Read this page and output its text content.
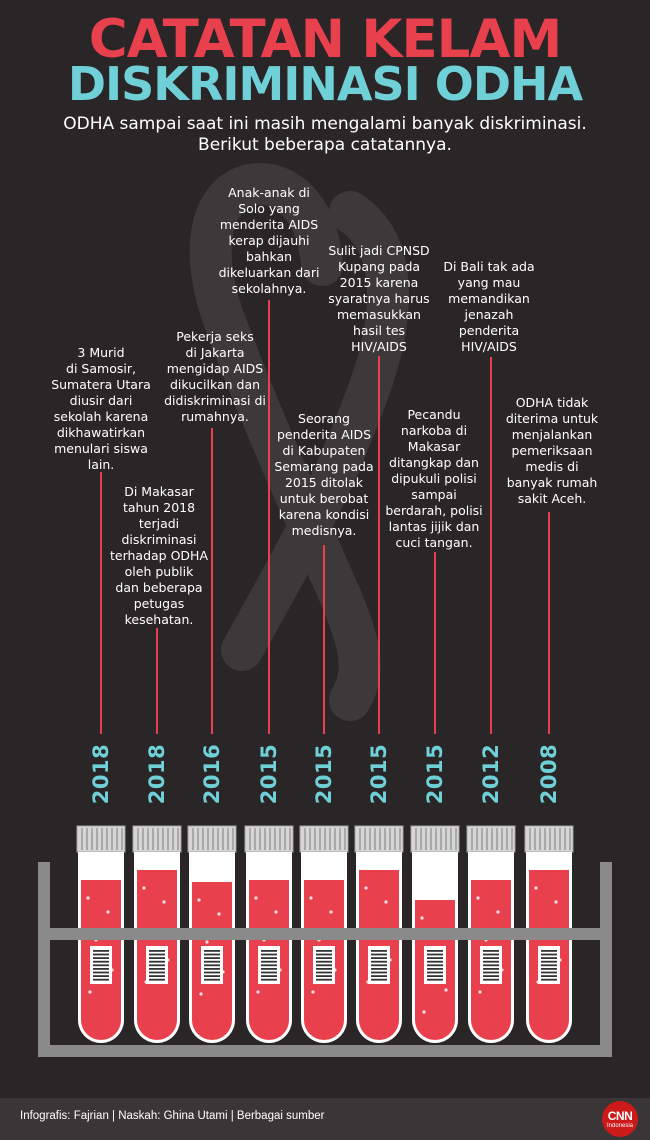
CATATAN KELAM
DISKRIMINASI ODHA
ODHA sampai saat ini masih mengalami banyak diskriminasi.
Berikut beberapa catatannya.
3 Murid
di Samosir,
Sumatera Utara
diusir dari
sekolah karena
dikhawatirkan
menulari siswa
lain.
Di Makasar
tahun 2018
terjadi
diskriminasi
terhadap ODHA
oleh publik
dan beberapa
petugas
kesehatan.
Pekerja seks
di Jakarta
mengidap AIDS
dikucilkan dan
didiskriminasi di
rumahnya.
Anak-anak di
Solo yang
menderita AIDS
kerap dijauhi
bahkan
dikeluarkan dari
sekolahnya.
Seorang
penderita AIDS
di Kabupaten
Semarang pada
2015 ditolak
untuk berobat
karena kondisi
medisnya.
Sulit jadi CPNSD
Kupang pada
2015 karena
syaratnya harus
memasukkan
hasil tes
HIV/AIDS
Pecandu
narkoba di
Makasar
ditangkap dan
dipukuli polisi
sampai
berdarah, polisi
lantas jijik dan
cuci tangan.
Di Bali tak ada
yang mau
memandikan
jenazah
penderita
HIV/AIDS
ODHA tidak
diterima untuk
menjalankan
pemeriksaan
medis di
banyak rumah
sakit Aceh.
2018 2018 2016 2015 2015 2015 2015 2012 2008
Infografis: Fajrian | Naskah: Ghina Utami | Berbagai sumber	CNN
Indonesia
